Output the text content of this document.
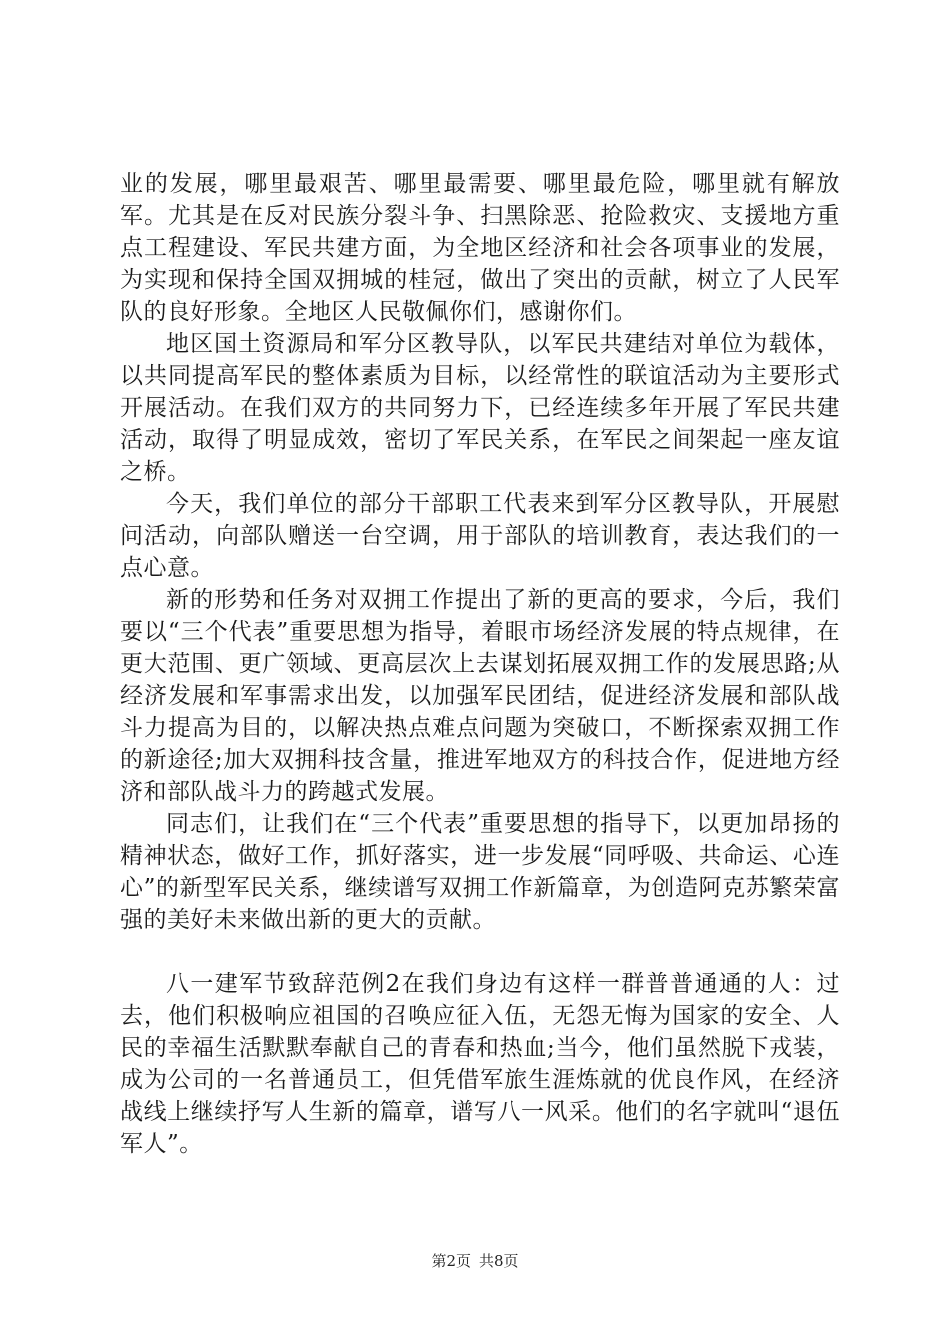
业的发展，哪里最艰苦、哪里最需要、哪里最危险，哪里就有解放军。尤其是在反对民族分裂斗争、扫黑除恶、抢险救灾、支援地方重点工程建设、军民共建方面，为全地区经济和社会各项事业的发展，为实现和保持全国双拥城的桂冠，做出了突出的贡献，树立了人民军队的良好形象。全地区人民敬佩你们，感谢你们。

地区国土资源局和军分区教导队，以军民共建结对单位为载体，以共同提高军民的整体素质为目标，以经常性的联谊活动为主要形式开展活动。在我们双方的共同努力下，已经连续多年开展了军民共建活动，取得了明显成效，密切了军民关系，在军民之间架起一座友谊之桥。

今天，我们单位的部分干部职工代表来到军分区教导队，开展慰问活动，向部队赠送一台空调，用于部队的培训教育，表达我们的一点心意。

新的形势和任务对双拥工作提出了新的更高的要求，今后，我们要以“三个代表”重要思想为指导，着眼市场经济发展的特点规律，在更大范围、更广领域、更高层次上去谋划拓展双拥工作的发展思路;从经济发展和军事需求出发，以加强军民团结，促进经济发展和部队战斗力提高为目的，以解决热点难点问题为突破口，不断探索双拥工作的新途径;加大双拥科技含量，推进军地双方的科技合作，促进地方经济和部队战斗力的跨越式发展。

同志们，让我们在“三个代表”重要思想的指导下，以更加昂扬的精神状态，做好工作，抓好落实，进一步发展“同呼吸、共命运、心连心”的新型军民关系，继续谱写双拥工作新篇章，为创造阿克苏繁荣富强的美好未来做出新的更大的贡献。

八一建军节致辞范例2在我们身边有这样一群普普通通的人：过去，他们积极响应祖国的召唤应征入伍，无怨无悔为国家的安全、人民的幸福生活默默奉献自己的青春和热血;当今，他们虽然脱下戎装，成为公司的一名普通员工，但凭借军旅生涯炼就的优良作风，在经济战线上继续抒写人生新的篇章，谱写八一风采。他们的名字就叫“退伍军人”。

第2页 共8页
